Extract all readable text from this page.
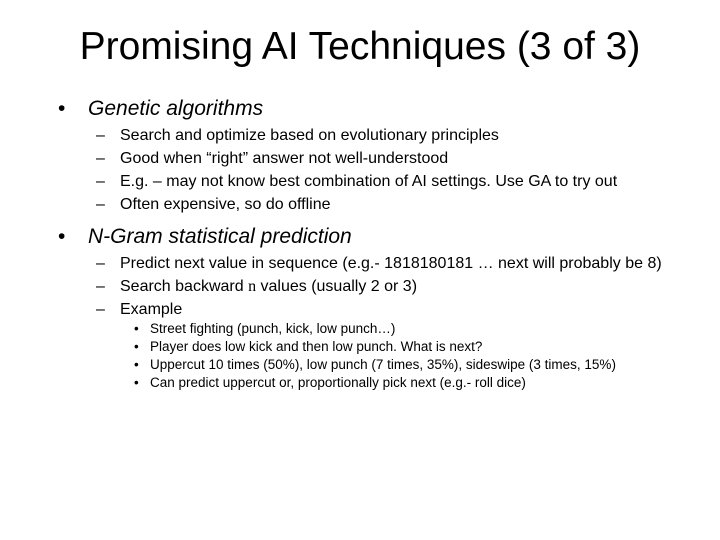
Promising AI Techniques (3 of 3)
• Genetic algorithms
– Search and optimize based on evolutionary principles
– Good when “right” answer not well-understood
– E.g. – may not know best combination of AI settings. Use GA to try out
– Often expensive, so do offline
• N-Gram statistical prediction
– Predict next value in sequence (e.g.- 1818180181 … next will probably be 8)
– Search backward n values (usually 2 or 3)
– Example
• Street fighting (punch, kick, low punch…)
• Player does low kick and then low punch. What is next?
• Uppercut 10 times (50%), low punch (7 times, 35%), sideswipe (3 times, 15%)
• Can predict uppercut or, proportionally pick next (e.g.- roll dice)
